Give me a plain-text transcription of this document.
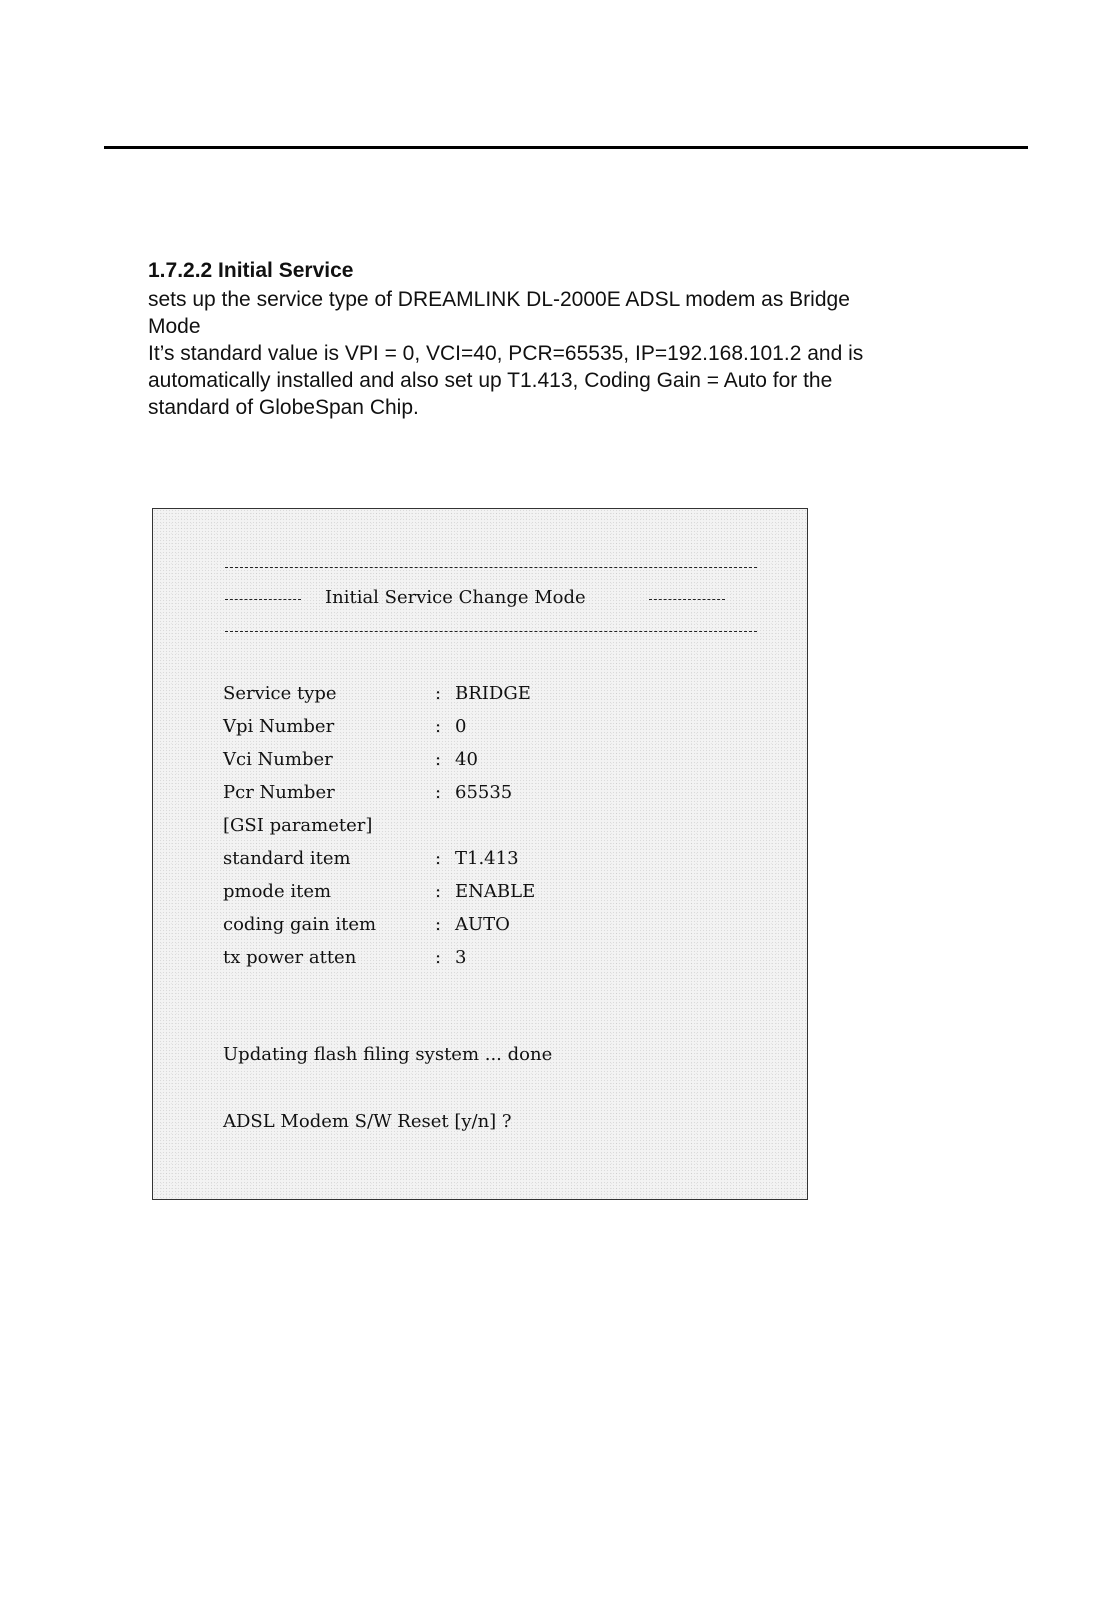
1.7.2.2 Initial Service

sets up the service type of DREAMLINK DL-2000E ADSL modem as Bridge

Mode

It’s standard value is VPI = 0, VCI=40, PCR=65535, IP=192.168.101.2 and is

automatically installed and also set up T1.413, Coding Gain = Auto for the

standard of GlobeSpan Chip.

Initial Service Change Mode
Service type	: BRIDGE
Vpi Number	: 0
Vci Number	: 40
Pcr Number	: 65535
[GSI parameter]
standard item	: T1.413
pmode item	: ENABLE
coding gain item	: AUTO
tx power atten	: 3
Updating flash filing system ... done
ADSL Modem S/W Reset [y/n] ?
